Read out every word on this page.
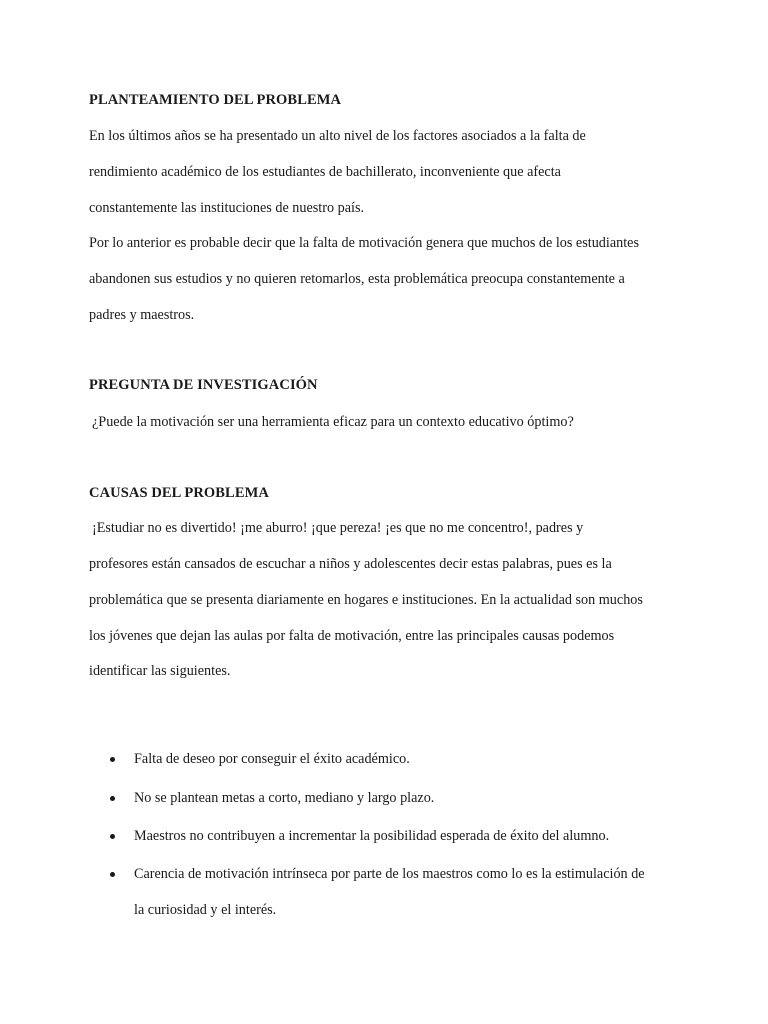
PLANTEAMIENTO DEL PROBLEMA

En los últimos años se ha presentado un alto nivel de los factores asociados a la falta de

rendimiento académico de los estudiantes de bachillerato, inconveniente que afecta

constantemente las instituciones de nuestro país.

Por lo anterior es probable decir que la falta de motivación genera que muchos de los estudiantes

abandonen sus estudios y no quieren retomarlos, esta problemática preocupa constantemente a

padres y maestros.

PREGUNTA DE INVESTIGACIÓN

¿Puede la motivación ser una herramienta eficaz para un contexto educativo óptimo?

CAUSAS DEL PROBLEMA

¡Estudiar no es divertido! ¡me aburro! ¡que pereza! ¡es que no me concentro!, padres y

profesores están cansados de escuchar a niños y adolescentes decir estas palabras, pues es la

problemática que se presenta diariamente en hogares e instituciones. En la actualidad son muchos

los jóvenes que dejan las aulas por falta de motivación, entre las principales causas podemos

identificar las siguientes.

Falta de deseo por conseguir el éxito académico.

No se plantean metas a corto, mediano y largo plazo.

Maestros no contribuyen a incrementar la posibilidad esperada de éxito del alumno.

Carencia de motivación intrínseca por parte de los maestros como lo es la estimulación de

la curiosidad y el interés.
